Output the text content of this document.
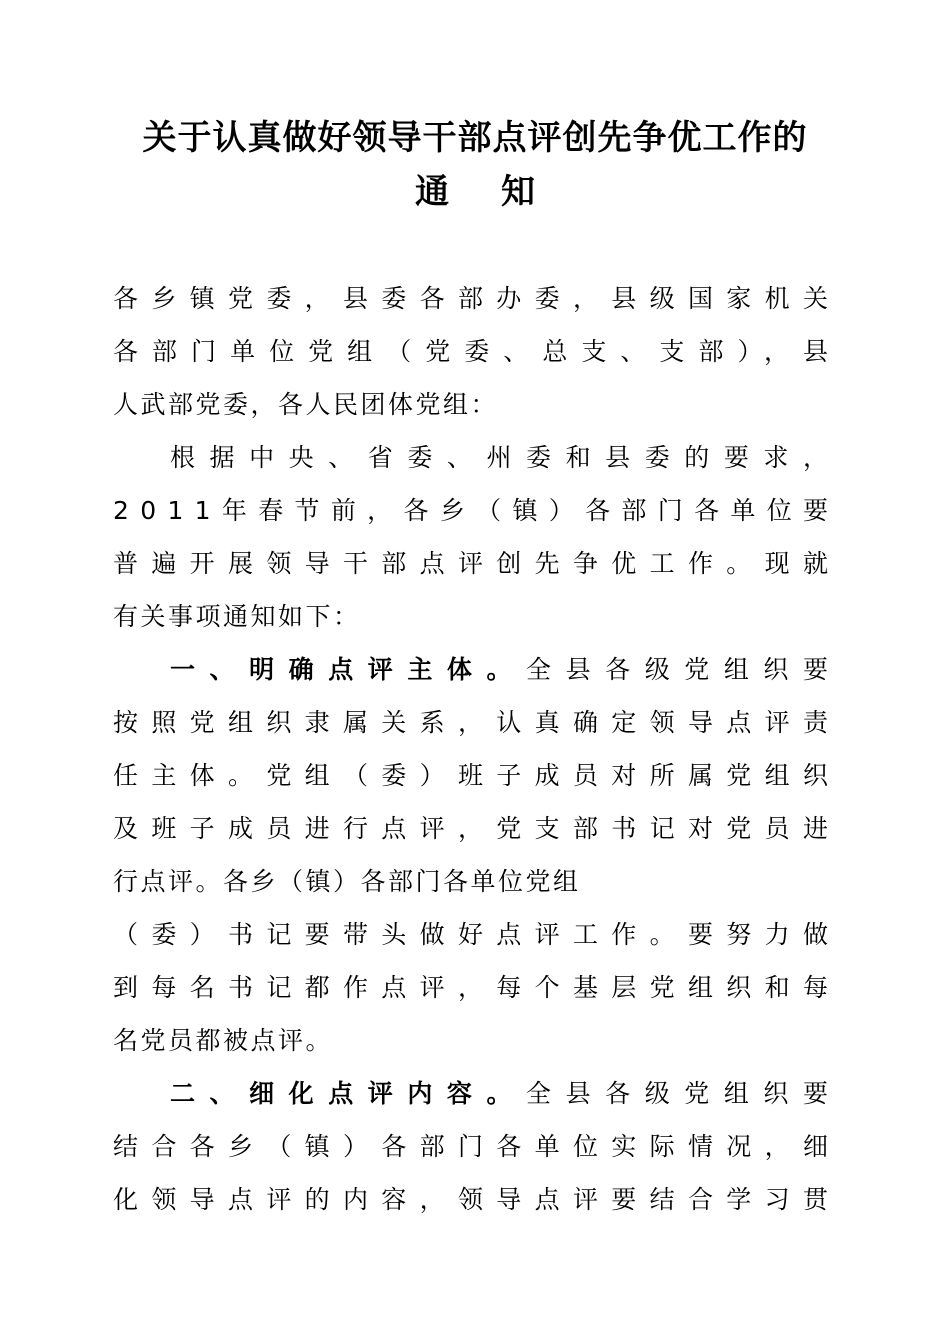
关于认真做好领导干部点评创先争优工作的
通 知
各乡镇党委，县委各部办委，县级国家机关
各部门单位党组（党委、总支、支部），县
人武部党委，各人民团体党组：
根据中央、省委、州委和县委的要求，
2011年春节前，各乡（镇）各部门各单位要
普遍开展领导干部点评创先争优工作。现就
有关事项通知如下：
一、明确点评主体。全县各级党组织要
按照党组织隶属关系，认真确定领导点评责
任主体。党组（委）班子成员对所属党组织
及班子成员进行点评，党支部书记对党员进
行点评。各乡（镇）各部门各单位党组
（委）书记要带头做好点评工作。要努力做
到每名书记都作点评，每个基层党组织和每
名党员都被点评。
二、细化点评内容。全县各级党组织要
结合各乡（镇）各部门各单位实际情况，细
化领导点评的内容，领导点评要结合学习贯
